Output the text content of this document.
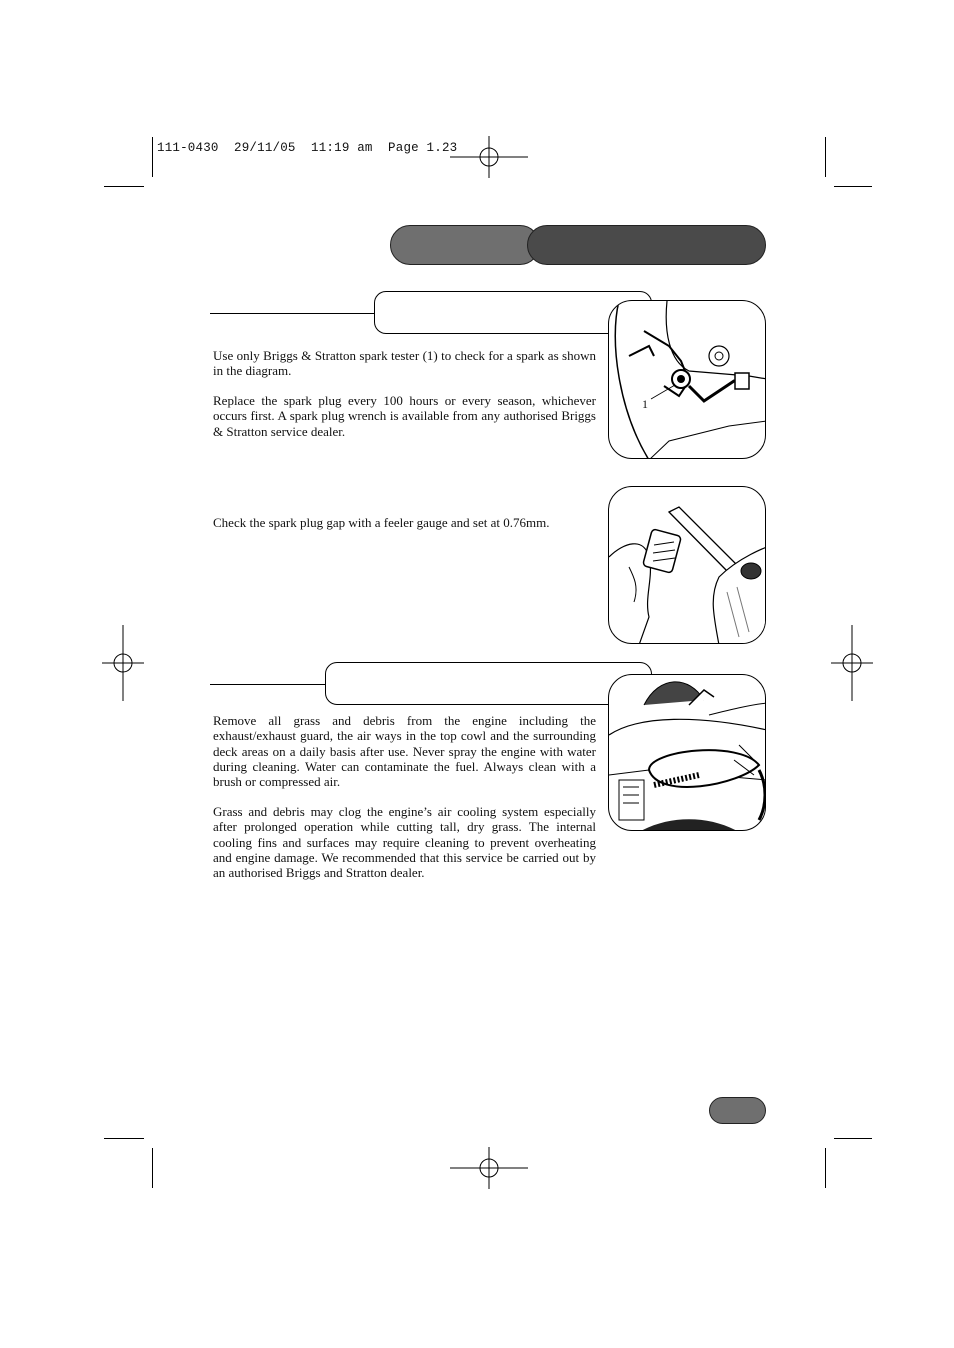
111-0430  29/11/05  11:19 am  Page 1.23

Use only Briggs & Stratton spark tester (1) to check for a spark as shown in the diagram.

Replace the spark plug every 100 hours or every season, whichever occurs first. A spark plug wrench is available from any authorised Briggs & Stratton service dealer.

Check the spark plug gap with a feeler gauge and set at 0.76mm.

1

Remove all grass and debris from the engine including the exhaust/exhaust guard, the air ways in the top cowl and the surrounding deck areas on a daily basis after use. Never spray the engine with water during cleaning. Water can contaminate the fuel. Always clean with a brush or compressed air.

Grass and debris may clog the engine’s air cooling system especially after prolonged operation while cutting tall, dry grass. The internal cooling fins and surfaces may require cleaning to prevent overheating and engine damage. We recommended that this service be carried out by an authorised Briggs and Stratton dealer.
